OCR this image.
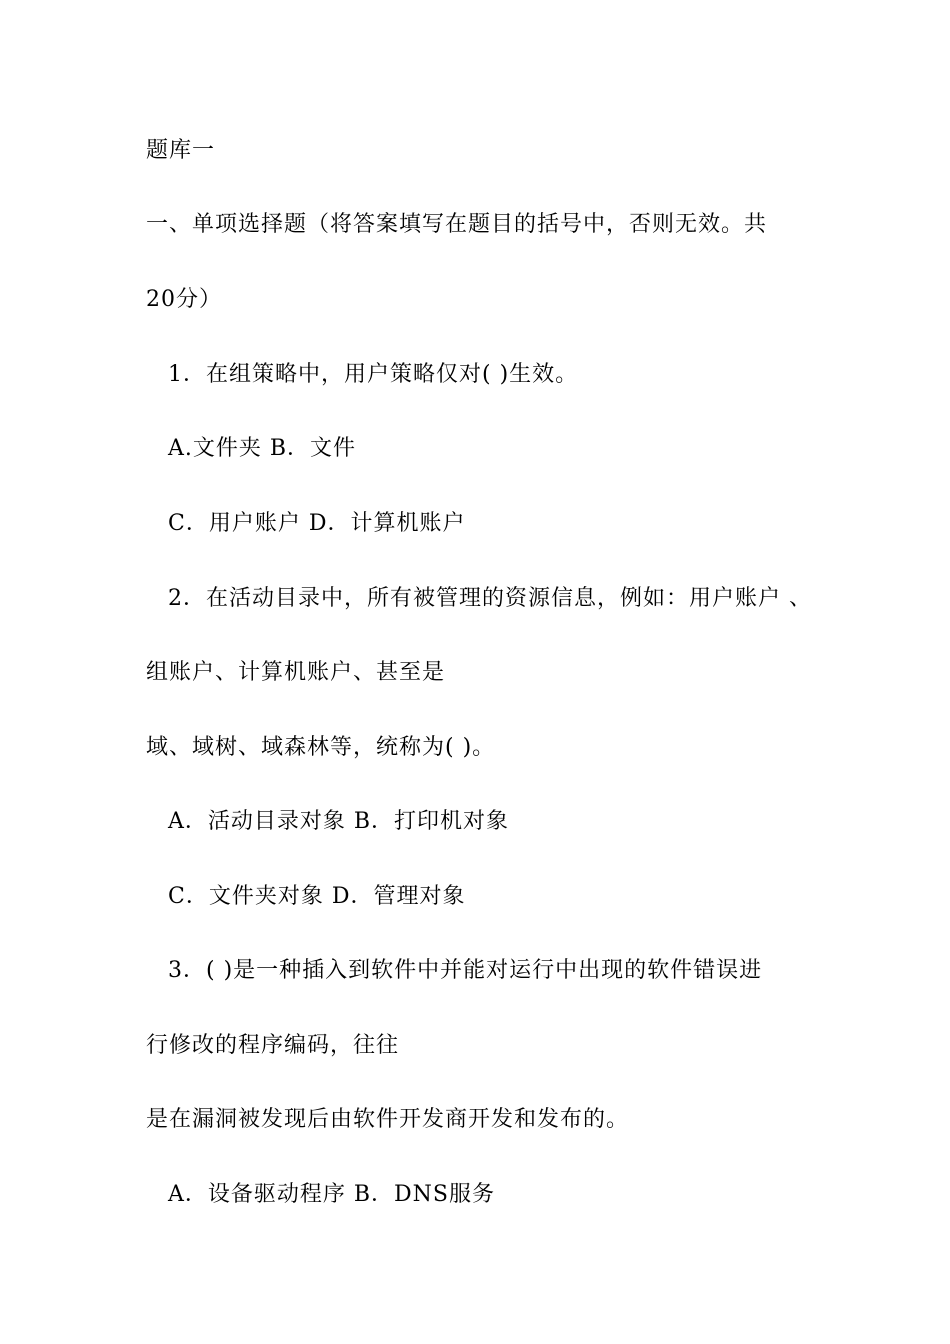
题库一
一、单项选择题（将答案填写在题目的括号中，否则无效。共
20分）
1．在组策略中，用户策略仅对( )生效。
A.文件夹 B．文件
C．用户账户 D．计算机账户
2．在活动目录中，所有被管理的资源信息，例如：用户账户 、
组账户、计算机账户、甚至是
域、域树、域森林等，统称为( )。
A．活动目录对象 B．打印机对象
C．文件夹对象 D．管理对象
3．( )是一种插入到软件中并能对运行中出现的软件错误进
行修改的程序编码，往往
是在漏洞被发现后由软件开发商开发和发布的。
A．设备驱动程序 B．DNS服务
